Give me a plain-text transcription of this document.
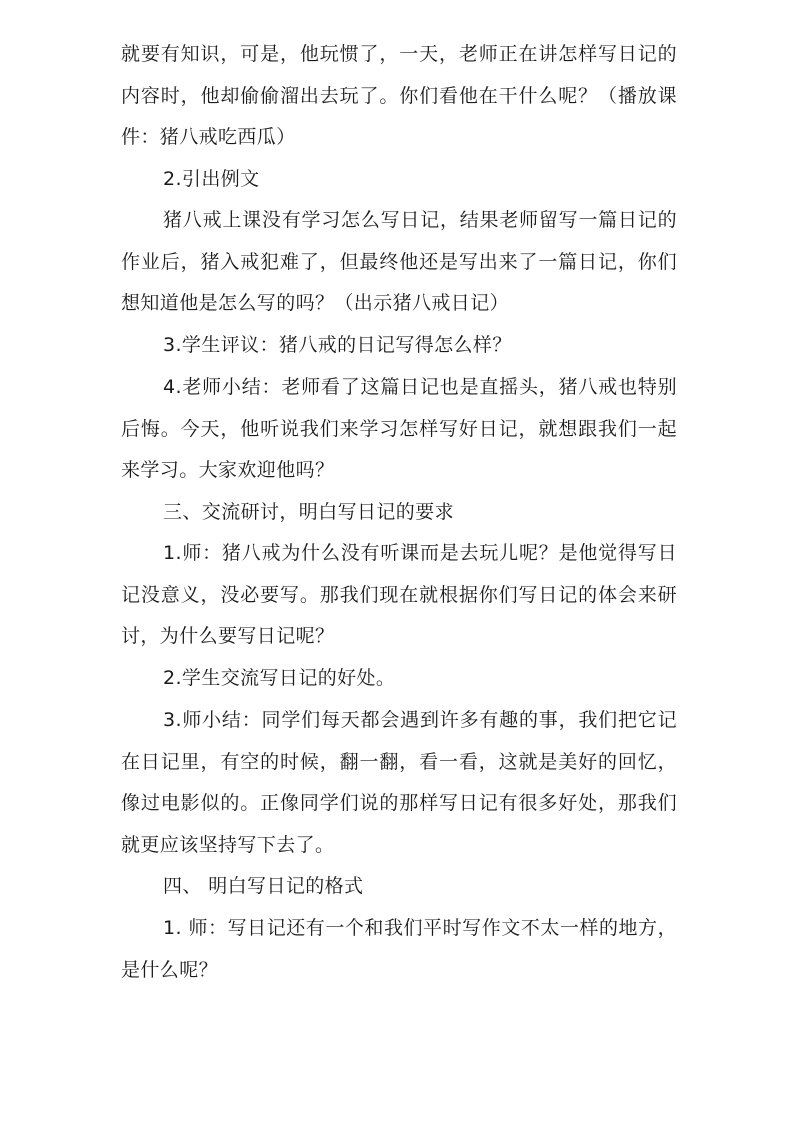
就要有知识，可是，他玩惯了，一天，老师正在讲怎样写日记的内容时，他却偷偷溜出去玩了。你们看他在干什么呢？（播放课件：猪八戒吃西瓜）

2.引出例文

猪八戒上课没有学习怎么写日记，结果老师留写一篇日记的作业后，猪入戒犯难了，但最终他还是写出来了一篇日记，你们想知道他是怎么写的吗？（出示猪八戒日记）

3.学生评议：猪八戒的日记写得怎么样？

4.老师小结：老师看了这篇日记也是直摇头，猪八戒也特别后悔。今天，他听说我们来学习怎样写好日记，就想跟我们一起来学习。大家欢迎他吗？

三、交流研讨，明白写日记的要求

1.师：猪八戒为什么没有听课而是去玩儿呢？是他觉得写日记没意义，没必要写。那我们现在就根据你们写日记的体会来研讨，为什么要写日记呢？

2.学生交流写日记的好处。

3.师小结：同学们每天都会遇到许多有趣的事，我们把它记在日记里，有空的时候，翻一翻，看一看，这就是美好的回忆，像过电影似的。正像同学们说的那样写日记有很多好处，那我们就更应该坚持写下去了。

四、 明白写日记的格式

1. 师：写日记还有一个和我们平时写作文不太一样的地方，是什么呢？
